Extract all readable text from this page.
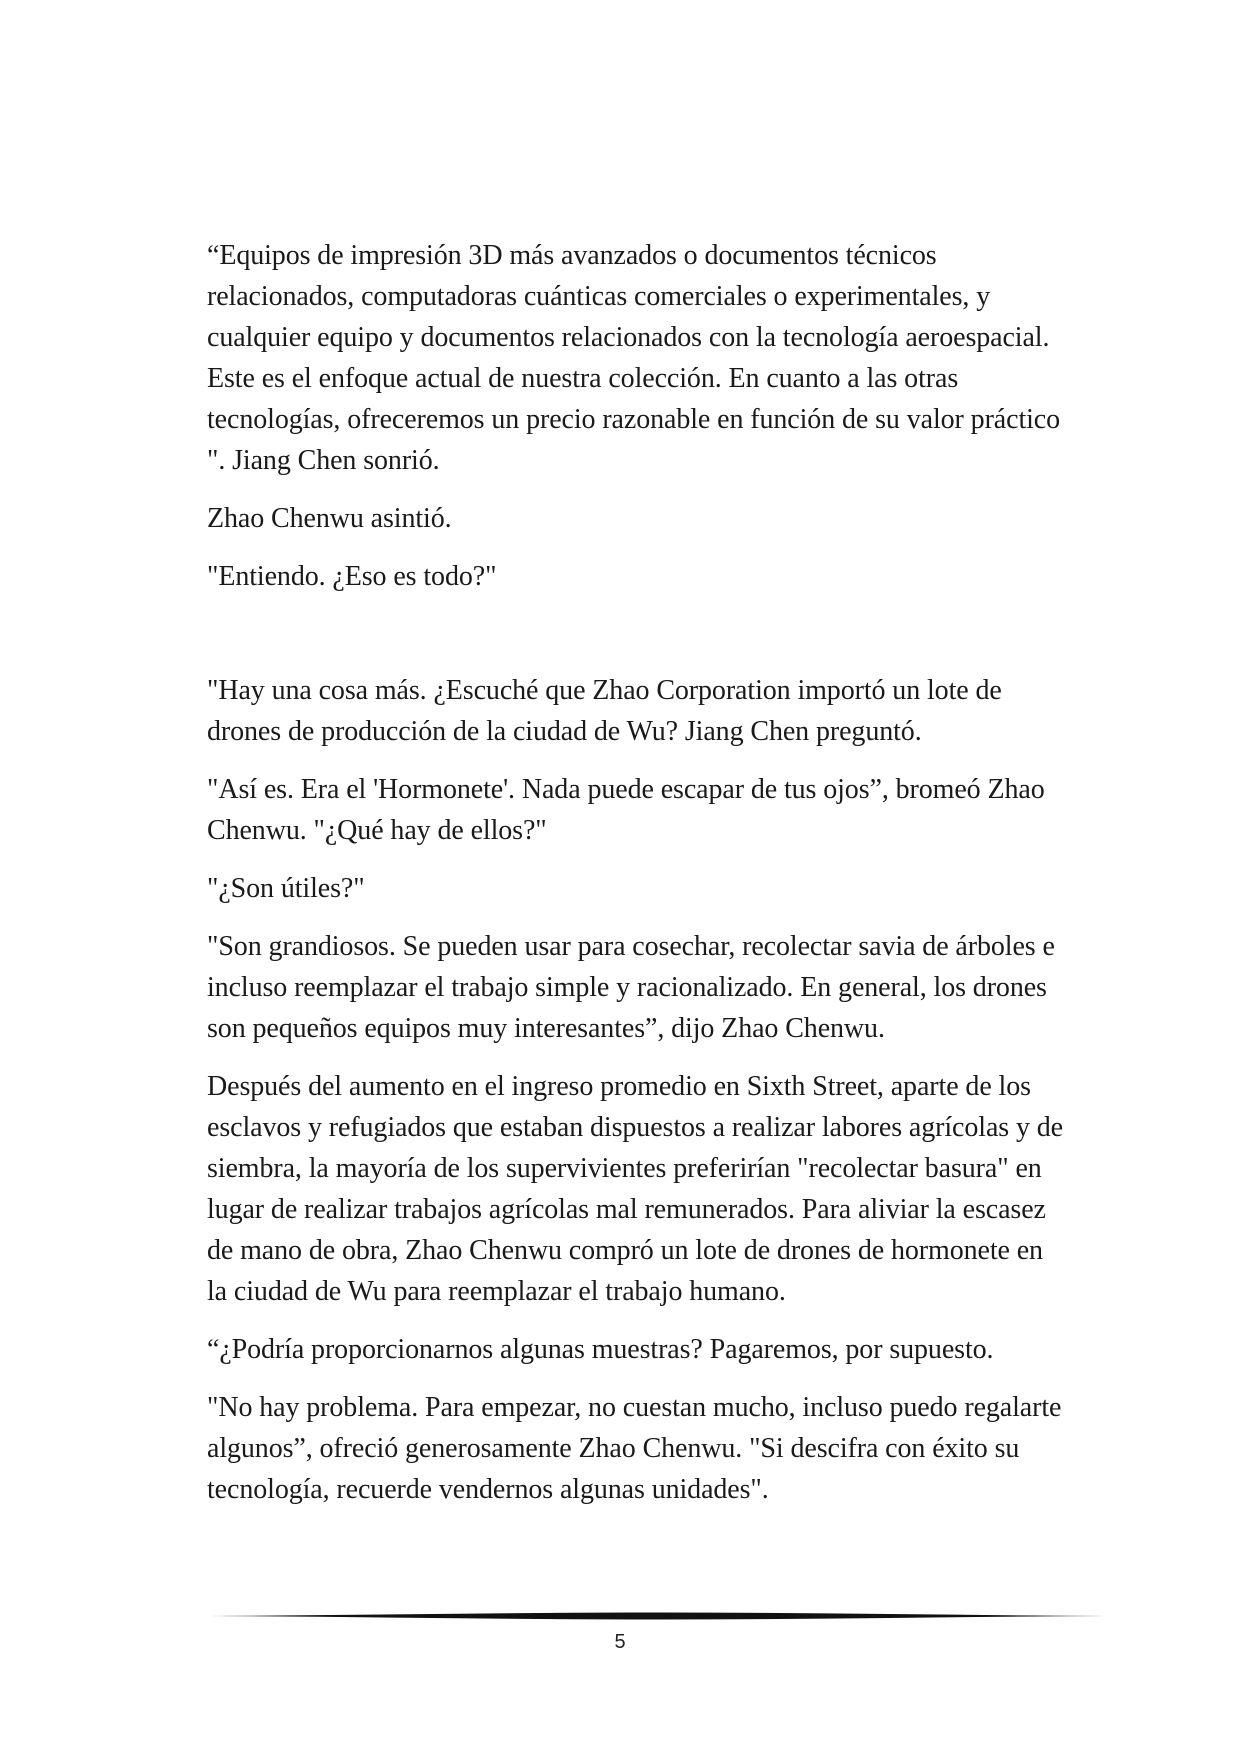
“Equipos de impresión 3D más avanzados o documentos técnicos relacionados, computadoras cuánticas comerciales o experimentales, y cualquier equipo y documentos relacionados con la tecnología aeroespacial. Este es el enfoque actual de nuestra colección. En cuanto a las otras tecnologías, ofreceremos un precio razonable en función de su valor práctico ". Jiang Chen sonrió.

Zhao Chenwu asintió.

"Entiendo. ¿Eso es todo?"

"Hay una cosa más. ¿Escuché que Zhao Corporation importó un lote de drones de producción de la ciudad de Wu? Jiang Chen preguntó.

"Así es. Era el 'Hormonete'. Nada puede escapar de tus ojos”, bromeó Zhao Chenwu. "¿Qué hay de ellos?"

"¿Son útiles?"

"Son grandiosos. Se pueden usar para cosechar, recolectar savia de árboles e incluso reemplazar el trabajo simple y racionalizado. En general, los drones son pequeños equipos muy interesantes”, dijo Zhao Chenwu.

Después del aumento en el ingreso promedio en Sixth Street, aparte de los esclavos y refugiados que estaban dispuestos a realizar labores agrícolas y de siembra, la mayoría de los supervivientes preferirían "recolectar basura" en lugar de realizar trabajos agrícolas mal remunerados. Para aliviar la escasez de mano de obra, Zhao Chenwu compró un lote de drones de hormonete en la ciudad de Wu para reemplazar el trabajo humano.

“¿Podría proporcionarnos algunas muestras? Pagaremos, por supuesto.

"No hay problema. Para empezar, no cuestan mucho, incluso puedo regalarte algunos”, ofreció generosamente Zhao Chenwu. "Si descifra con éxito su tecnología, recuerde vendernos algunas unidades".

5
